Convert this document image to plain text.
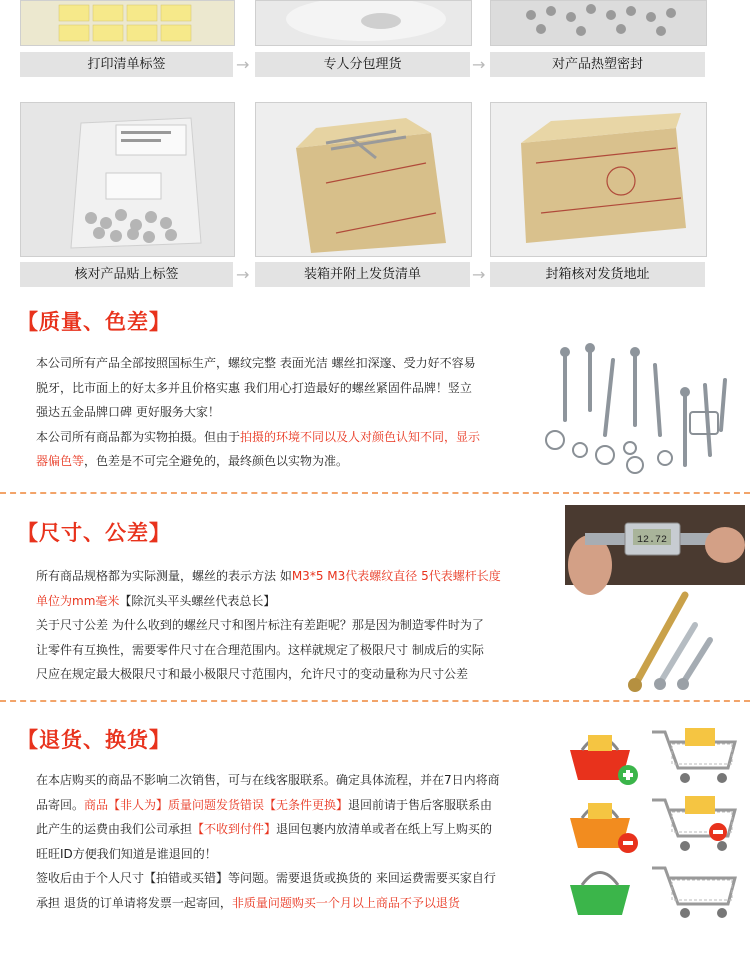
打印清单标签	专人分包理货	对产品热塑密封
→	→
核对产品贴上标签	装箱并附上发货清单	封箱核对发货地址
→	→
【质量、色差】
本公司所有产品全部按照国标生产，螺纹完整 表面光洁 螺丝扣深邃、受力好不容易
脱牙，比市面上的好太多并且价格实惠 我们用心打造最好的螺丝紧固件品牌！竖立
强达五金品牌口碑 更好服务大家！
本公司所有商品都为实物拍摄。但由于拍摄的环境不同以及人对颜色认知不同，显示
器偏色等，色差是不可完全避免的，最终颜色以实物为准。
【尺寸、公差】
所有商品规格都为实际测量，螺丝的表示方法 如M3*5 M3代表螺纹直径 5代表螺杆长度
单位为mm毫米【除沉头平头螺丝代表总长】
关于尺寸公差 为什么收到的螺丝尺寸和图片标注有差距呢？那是因为制造零件时为了
让零件有互换性，需要零件尺寸在合理范围内。这样就规定了极限尺寸 制成后的实际
尺应在规定最大极限尺寸和最小极限尺寸范围内，允许尺寸的变动量称为尺寸公差
12.72
【退货、换货】
在本店购买的商品不影响二次销售，可与在线客服联系。确定具体流程，并在7日内将商
品寄回。商品【非人为】质量问题发货错误【无条件更换】退回前请于售后客服联系由
此产生的运费由我们公司承担【不收到付件】退回包裹内放清单或者在纸上写上购买的
旺旺ID方便我们知道是谁退回的！
签收后由于个人尺寸【拍错或买错】等问题。需要退货或换货的 来回运费需要买家自行
承担 退货的订单请将发票一起寄回，非质量问题购买一个月以上商品不予以退货
